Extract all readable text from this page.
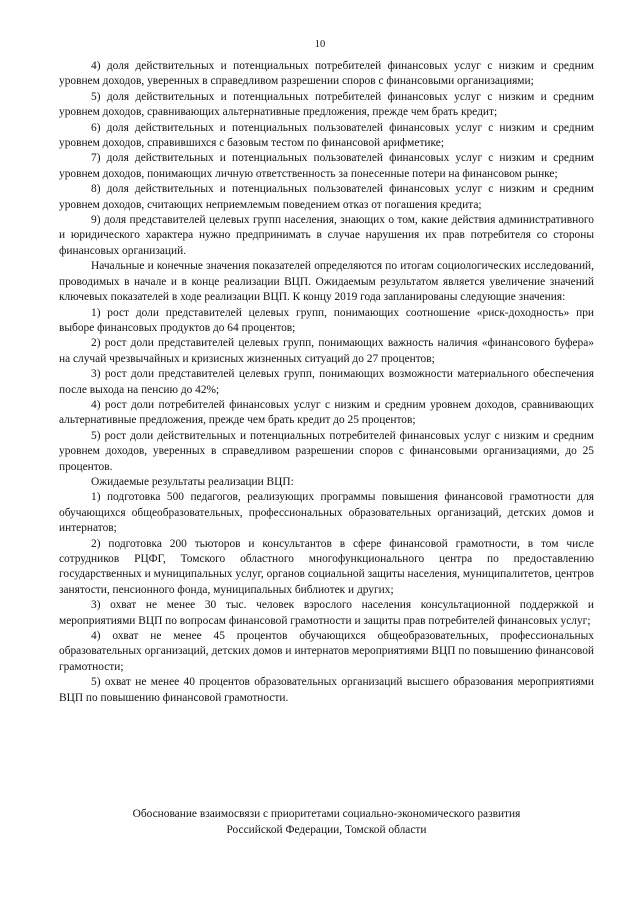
10

4) доля действительных и потенциальных потребителей финансовых услуг с низким и средним уровнем доходов, уверенных в справедливом разрешении споров с финансовыми организациями;

5) доля действительных и потенциальных потребителей финансовых услуг с низким и средним уровнем доходов, сравнивающих альтернативные предложения, прежде чем брать кредит;

6) доля действительных и потенциальных пользователей финансовых услуг с низким и средним уровнем доходов, справившихся с базовым тестом по финансовой арифметике;

7) доля действительных и потенциальных пользователей финансовых услуг с низким и средним уровнем доходов, понимающих личную ответственность за понесенные потери на финансовом рынке;

8) доля действительных и потенциальных пользователей финансовых услуг с низким и средним уровнем доходов, считающих неприемлемым поведением отказ от погашения кредита;

9) доля представителей целевых групп населения, знающих о том, какие действия административного и юридического характера нужно предпринимать в случае нарушения их прав потребителя со стороны финансовых организаций.

Начальные и конечные значения показателей определяются по итогам социологических исследований, проводимых в начале и в конце реализации ВЦП. Ожидаемым результатом является увеличение значений ключевых показателей в ходе реализации ВЦП. К концу 2019 года запланированы следующие значения:

1) рост доли представителей целевых групп, понимающих соотношение «риск-доходность» при выборе финансовых продуктов до 64 процентов;

2) рост доли представителей целевых групп, понимающих важность наличия «финансового буфера» на случай чрезвычайных и кризисных жизненных ситуаций до 27 процентов;

3) рост доли представителей целевых групп, понимающих возможности материального обеспечения после выхода на пенсию до 42%;

4) рост доли потребителей финансовых услуг с низким и средним уровнем доходов, сравнивающих альтернативные предложения, прежде чем брать кредит до 25 процентов;

5) рост доли действительных и потенциальных потребителей финансовых услуг с низким и средним уровнем доходов, уверенных в справедливом разрешении споров с финансовыми организациями, до 25 процентов.

Ожидаемые результаты реализации ВЦП:

1) подготовка 500 педагогов, реализующих программы повышения финансовой грамотности для обучающихся общеобразовательных, профессиональных образовательных организаций, детских домов и интернатов;

2) подготовка 200 тьюторов и консультантов в сфере финансовой грамотности, в том числе сотрудников РЦФГ, Томского областного многофункционального центра по предоставлению государственных и муниципальных услуг, органов социальной защиты населения, муниципалитетов, центров занятости, пенсионного фонда, муниципальных библиотек и других;

3) охват не менее 30 тыс. человек взрослого населения консультационной поддержкой и мероприятиями ВЦП по вопросам финансовой грамотности и защиты прав потребителей финансовых услуг;

4) охват не менее 45 процентов обучающихся общеобразовательных, профессиональных образовательных организаций, детских домов и интернатов мероприятиями ВЦП по повышению финансовой грамотности;

5) охват не менее 40 процентов образовательных организаций высшего образования мероприятиями ВЦП по повышению финансовой грамотности.

Обоснование взаимосвязи с приоритетами социально-экономического развития
Российской Федерации, Томской области
